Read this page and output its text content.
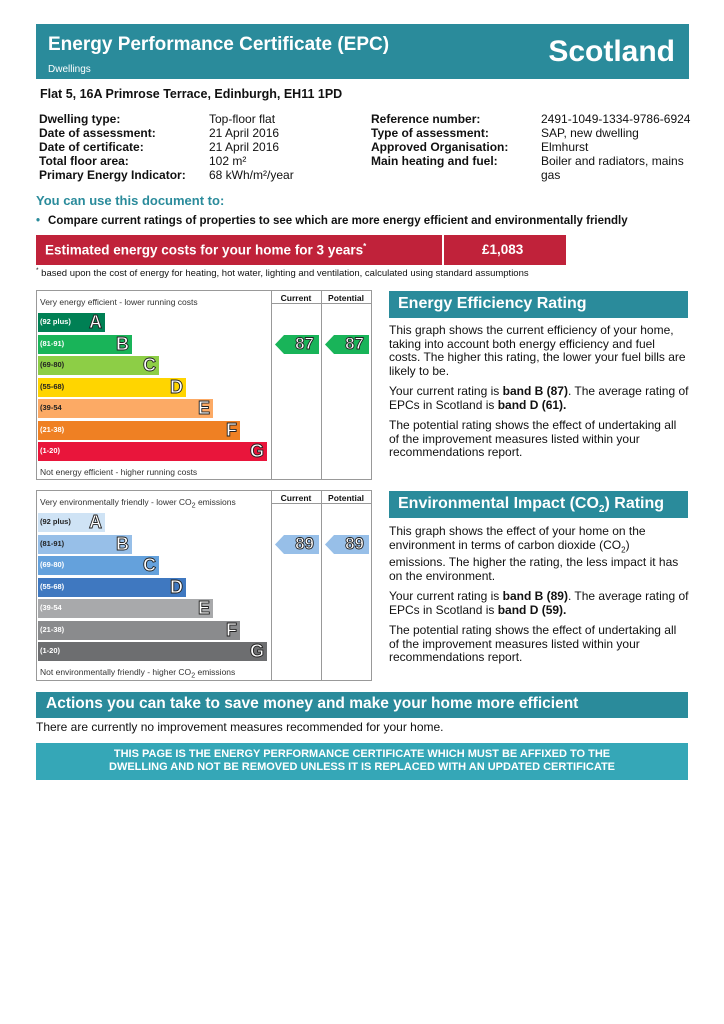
Energy Performance Certificate (EPC)
Dwellings
Scotland
Flat 5, 16A Primrose Terrace, Edinburgh, EH11 1PD
Dwelling type:	Top-floor flat
Date of assessment:	21 April 2016
Date of certificate:	21 April 2016
Total floor area:	102 m²
Primary Energy Indicator:	68 kWh/m²/year
Reference number:	2491-1049-1334-9786-6924
Type of assessment:	SAP, new dwelling
Approved Organisation:	Elmhurst
Main heating and fuel:	Boiler and radiators, mains gas
You can use this document to:
• Compare current ratings of properties to see which are more energy efficient and environmentally friendly
Estimated energy costs for your home for 3 years*	£1,083
* based upon the cost of energy for heating, hot water, lighting and ventilation, calculated using standard assumptions
Current	Potential
Very energy efficient - lower running costs
Not energy efficient - higher running costs
(92 plus) A
(81-91)	B
(69-80)	C
(55-68)	D
(39-54	E
(21-38)	F
(1-20)	G
87 87
Current	Potential
Very environmentally friendly - lower $CO_2$ emissions
Not environmentally friendly - higher $CO_2$ emissions
(92 plus) A
(81-91)	B
(69-80)	C
(55-68)	D
(39-54	E
(21-38)	F
(1-20)	G
89 89
Energy Efficiency Rating

This graph shows the current efficiency of your home, taking into account both energy efficiency and fuel costs. The higher this rating, the lower your fuel bills are likely to be.

Your current rating is band B (87). The average rating of EPCs in Scotland is band D (61).

The potential rating shows the effect of undertaking all of the improvement measures listed within your recommendations report.

Environmental Impact $(CO_2)$ Rating

This graph shows the effect of your home on the environment in terms of carbon dioxide $(CO_2)$ emissions. The higher the rating, the less impact it has on the environment.

Your current rating is band B (89). The average rating of EPCs in Scotland is band D (59).

The potential rating shows the effect of undertaking all of the improvement measures listed within your recommendations report.

Actions you can take to save money and make your home more efficient
There are currently no improvement measures recommended for your home.
THIS PAGE IS THE ENERGY PERFORMANCE CERTIFICATE WHICH MUST BE AFFIXED TO THE
DWELLING AND NOT BE REMOVED UNLESS IT IS REPLACED WITH AN UPDATED CERTIFICATE
